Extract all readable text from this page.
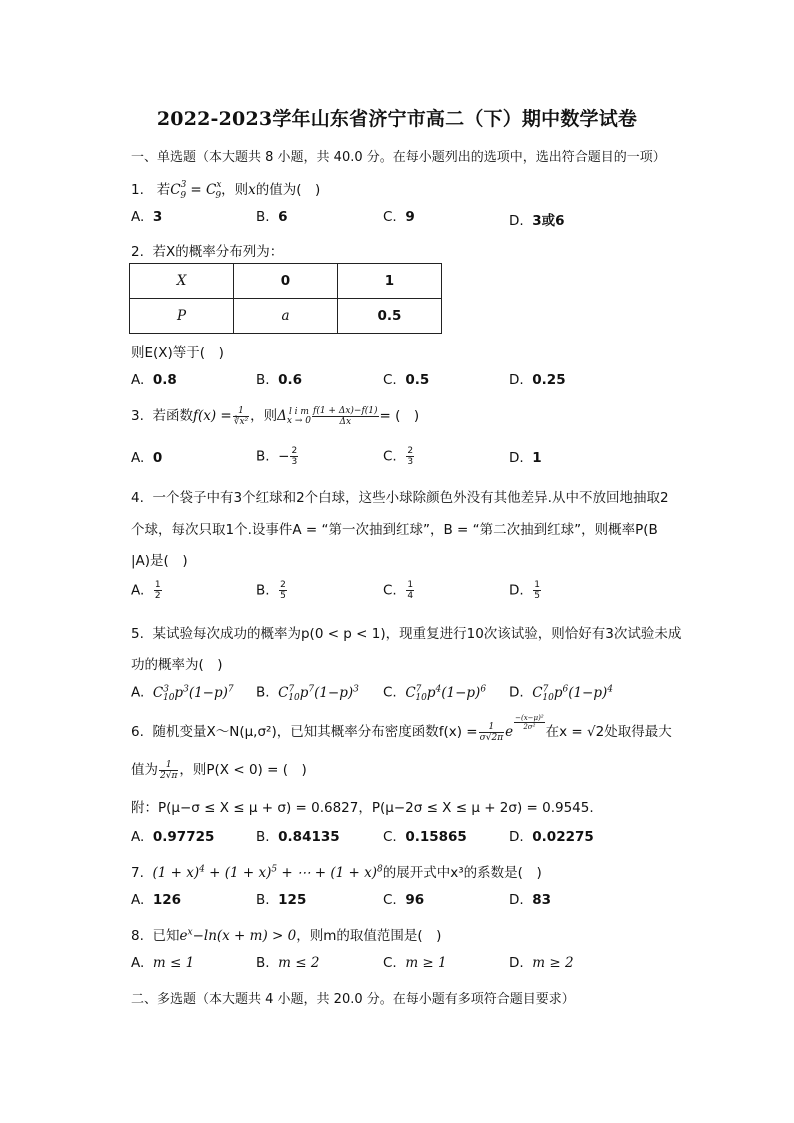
2022-2023学年山东省济宁市高二（下）期中数学试卷
一、单选题（本大题共 8 小题，共 40.0 分。在每小题列出的选项中，选出符合题目的一项）
1. 若$C^3_9 = C^x_9$，则x的值为(　)
A. 3	B. 6	C. 9	D. 3或6
2. 若X的概率分布列为：
X	0	1
P	a	0.5
则E(X)等于(　)
A. 0.8	B. 0.6	C. 0.5	D. 0.25
3. 若函数$f(x) = \frac{1}{\text{∛x²}}$ ，则Δ l i m
$x \to 0 \frac{f(1 + \Delta x)-f(1)}{\Delta x}$ = (　)
A. 0	B.  − $\frac{2}{3}$	C. $\frac{2}{3}$	D. 1
4. 一个袋子中有3个红球和2个白球，这些小球除颜色外没有其他差异.从中不放回地抽取2
个球，每次只取1个.设事件A = “第一次抽到红球”，B = “第二次抽到红球”，则概率P(B
|A)是(　)
A. $\frac{1}{2}$	B. $\frac{2}{5}$	C. $\frac{1}{4}$	D. $\frac{1}{5}$
5. 某试验每次成功的概率为p(0 < p < 1)，现重复进行10次该试验，则恰好有3次试验未成
功的概率为(　)
A. $C^3_{10}p^3(1-p)^7$ B. $C^7_{10}p^7(1-p)^3$ C. $C^7_{10}p^4(1-p)^6$ D. $C^7_{10}p^6(1-p)^4$
6. 随机变量X～N(μ,σ²)，已知其概率分布密度函数$f(x) = \frac{1}{\sigma√2\pi}$ e
$^{\frac{\text{−(x−μ)²}}{\text{2σ²}}}$
在x = √2处取得最大
值为 $\frac{1}{2√\pi}$ ，则P(X < 0) = (　)
附：P(μ−σ ≤ X ≤ μ + σ) = 0.6827，P(μ−2σ ≤ X ≤ μ + 2σ) = 0.9545.
A. 0.97725	B. 0.84135	C. 0.15865	D. 0.02275
7. $(1 + x)^4 + (1 + x)^5$ + ⋯ + $(1 + x)^8$的展开式中x³的系数是(　)
A. 126	B. 125	C. 96	D. 83
8. 已知$e^x-\ln(x + m) > 0$，则m的取值范围是(　)
A. m ≤ 1	B. m ≤ 2	C. m ≥ 1	D. m ≥ 2
二、多选题（本大题共 4 小题，共 20.0 分。在每小题有多项符合题目要求）
